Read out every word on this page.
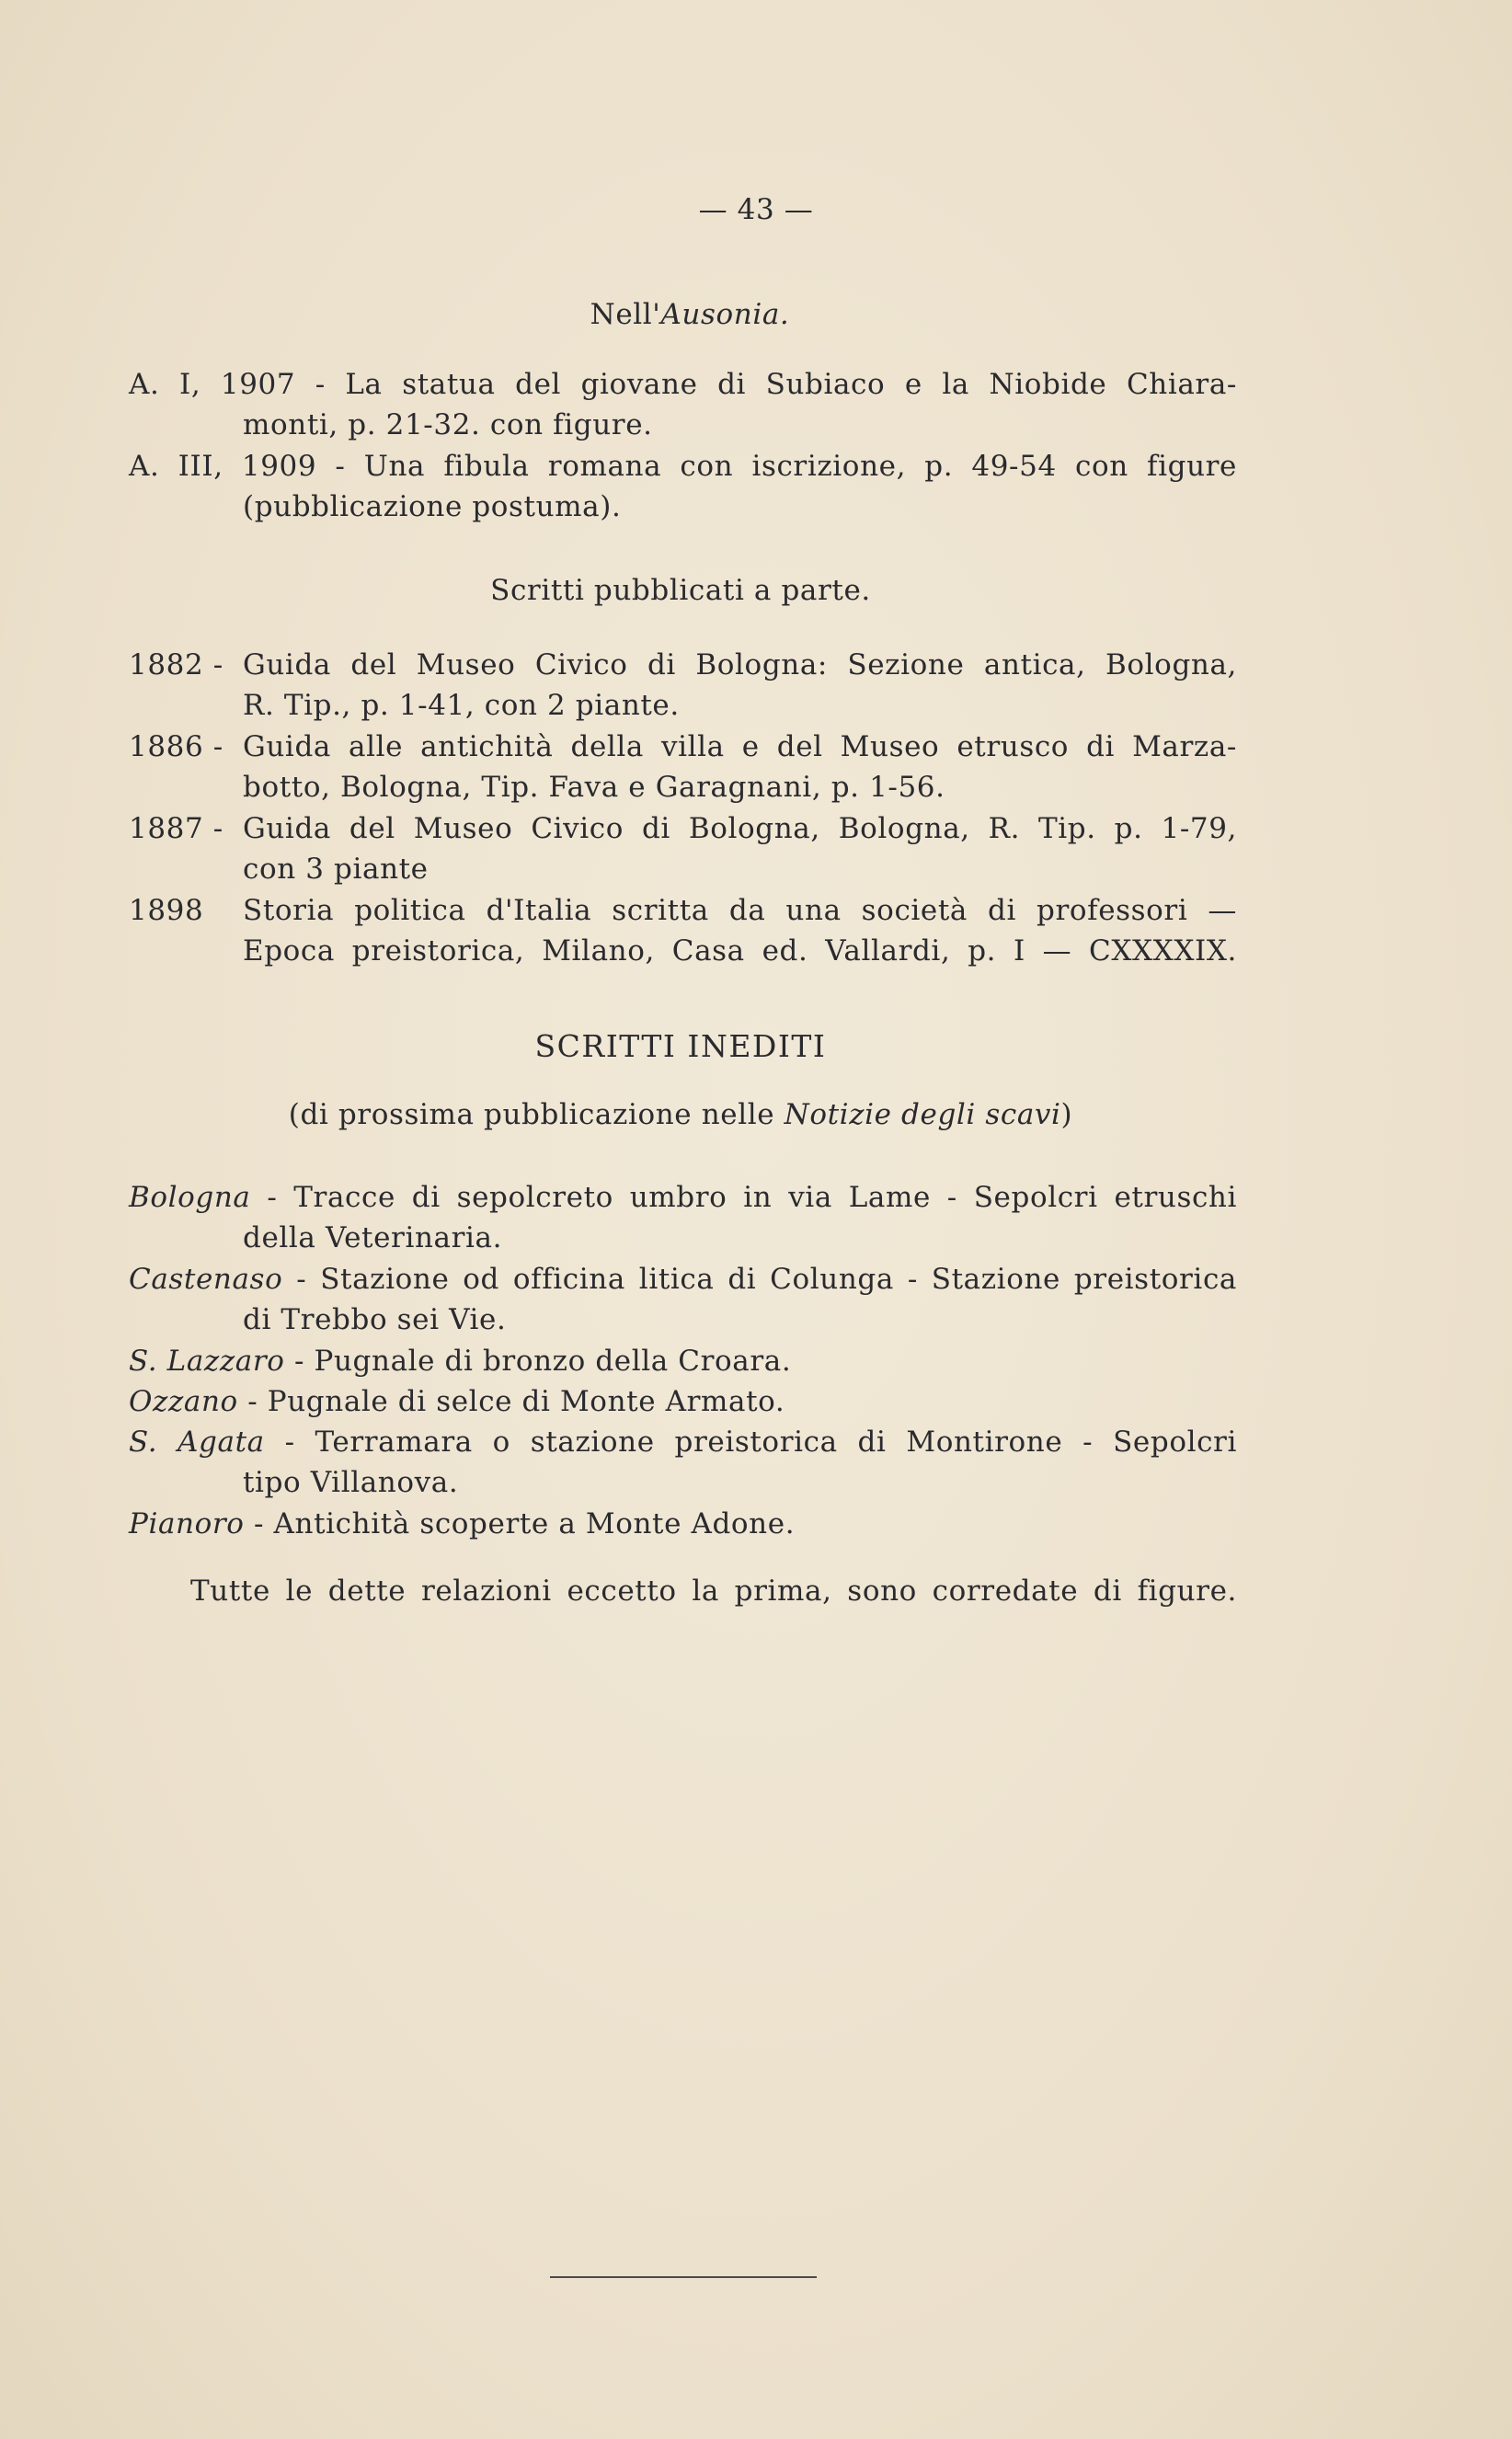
— 43 —
Nell'Ausonia.
A. I, 1907 - La statua del giovane di Subiaco e la Niobide Chiara-
monti, p. 21-32. con figure.
A. III, 1909 - Una fibula romana con iscrizione, p. 49-54 con figure
(pubblicazione postuma).
Scritti pubblicati a parte.
1882 - Guida del Museo Civico di Bologna: Sezione antica, Bologna,
R. Tip., p. 1-41, con 2 piante.
1886 - Guida alle antichità della villa e del Museo etrusco di Marza-
botto, Bologna, Tip. Fava e Garagnani, p. 1-56.
1887 - Guida del Museo Civico di Bologna, Bologna, R. Tip. p. 1-79,
con 3 piante
1898 Storia politica d'Italia scritta da una società di professori —
Epoca preistorica, Milano, Casa ed. Vallardi, p. I — CXXXXIX.
SCRITTI INEDITI
(di prossima pubblicazione nelle Notizie degli scavi)
Bologna - Tracce di sepolcreto umbro in via Lame - Sepolcri etruschi
della Veterinaria.
Castenaso - Stazione od officina litica di Colunga - Stazione preistorica
di Trebbo sei Vie.
S. Lazzaro - Pugnale di bronzo della Croara.
Ozzano - Pugnale di selce di Monte Armato.
S. Agata - Terramara o stazione preistorica di Montirone - Sepolcri
tipo Villanova.
Pianoro - Antichità scoperte a Monte Adone.
Tutte le dette relazioni eccetto la prima, sono corredate di figure.
